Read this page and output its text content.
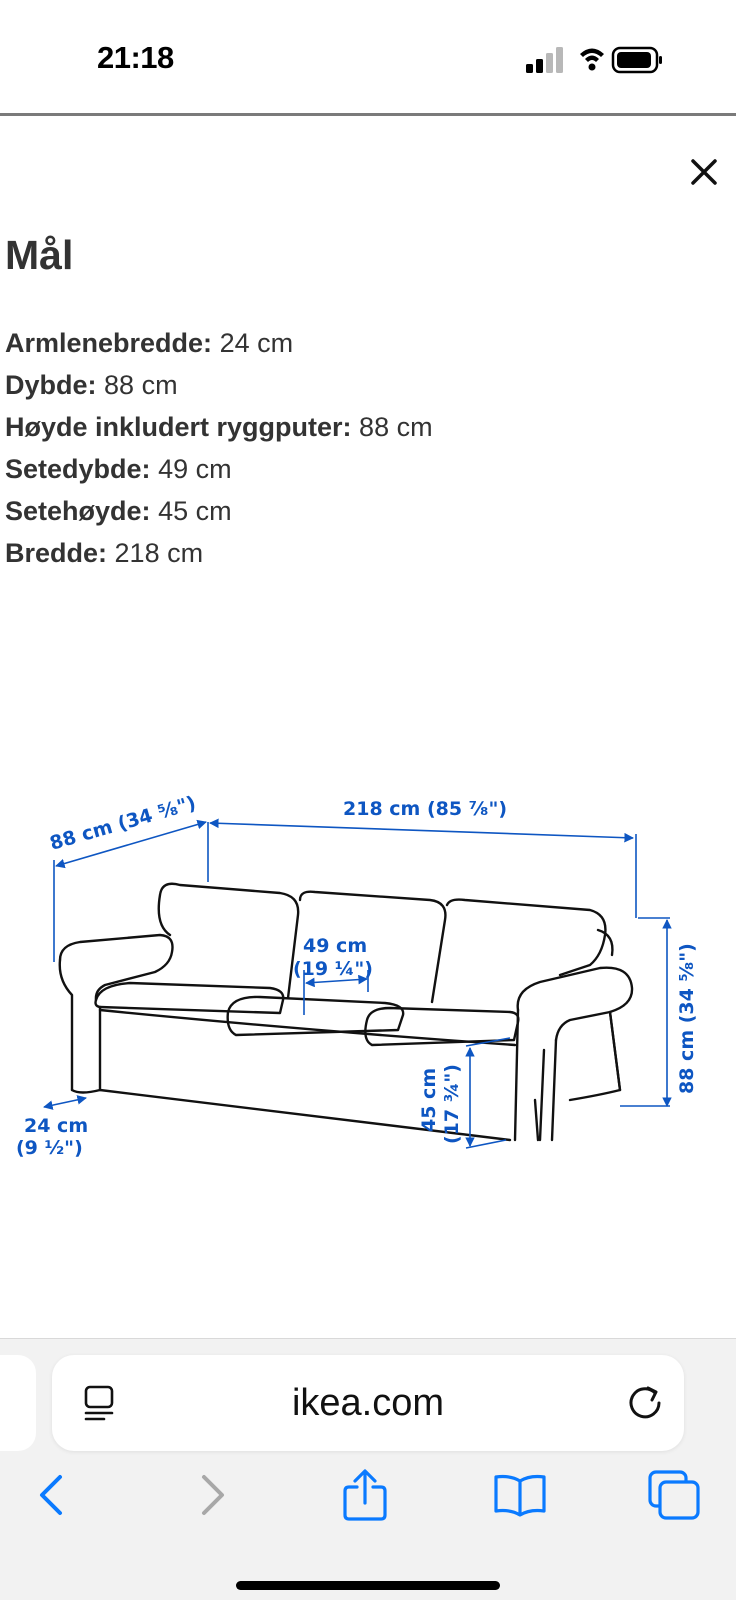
21:18
Mål
Armlenebredde: 24 cm
Dybde: 88 cm
Høyde inkludert ryggputer: 88 cm
Setedybde: 49 cm
Setehøyde: 45 cm
Bredde: 218 cm
88 cm (34 ⁵⁄₈")	218 cm (85 ⁷⁄₈")
49 cm
(19 ¼")	88 cm (34 ⁵⁄₈")
45 cm (17 ¾")
24 cm
(9 ½")
ikea.com
